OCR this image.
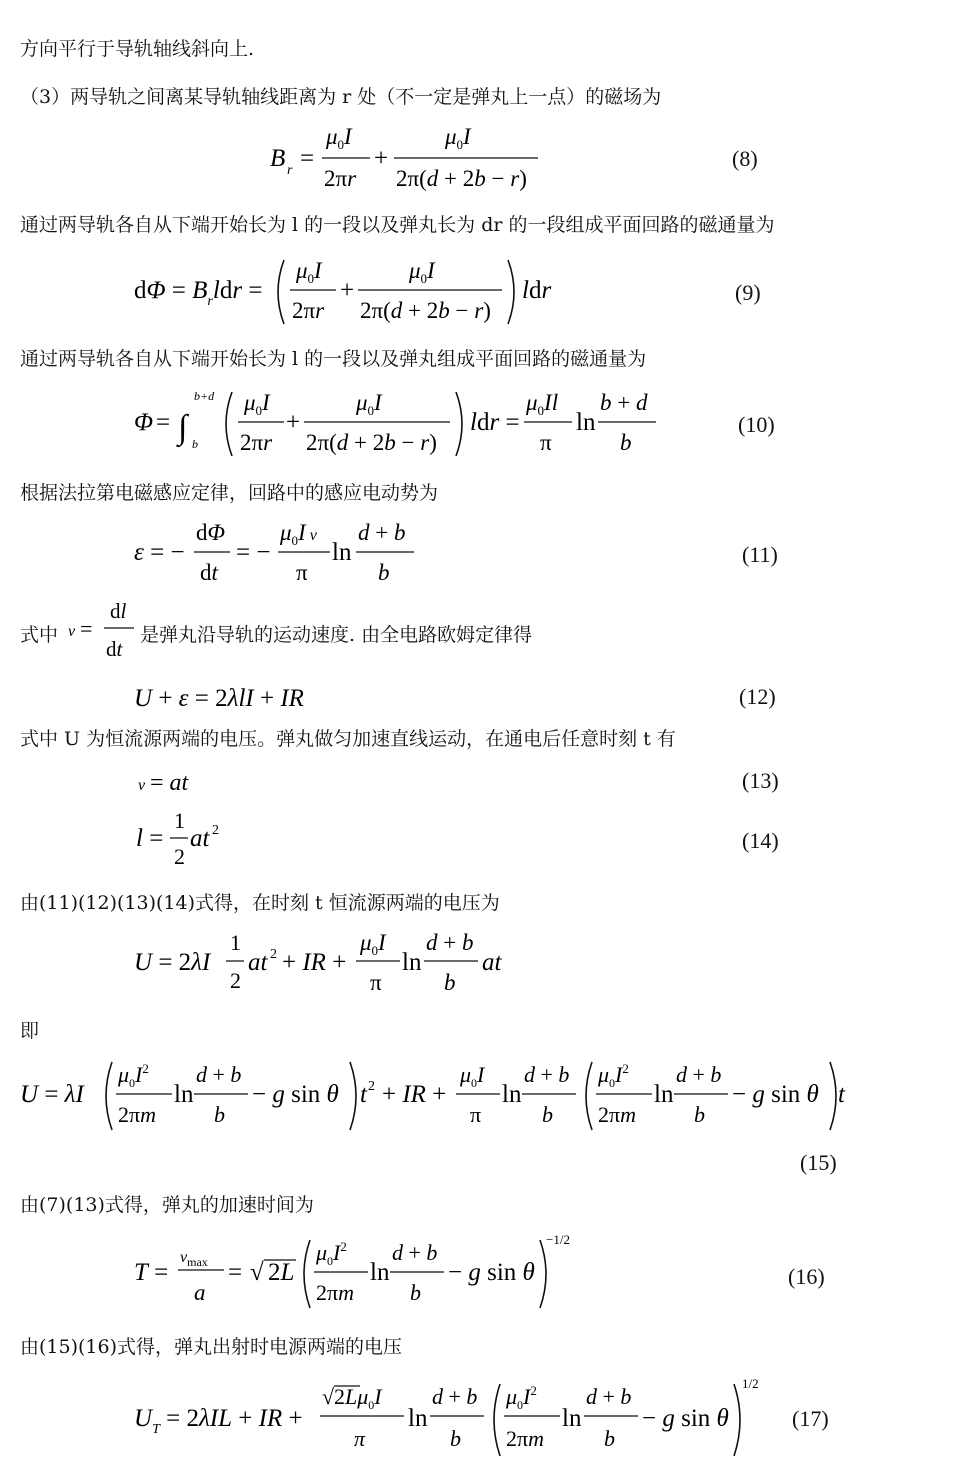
方向平行于导轨轴线斜向上.
（3）两导轨之间离某导轨轴线距离为 r 处（不一定是弹丸上一点）的磁场为
B r =
$\mu_0I$
2πr
+
$\mu_0I$
2π(d + 2b − r)
(8)
通过两导轨各自从下端开始长为 l 的一段以及弹丸长为 dr 的一段组成平面回路的磁通量为
$d\Phi = B_rldr$ =
$\mu_0I$
2πr
+
$\mu_0I$
2π(d + 2b − r)
ldr	(9)
通过两导轨各自从下端开始长为 l 的一段以及弹丸组成平面回路的磁通量为
Φ = ∫
b+d
b
$\mu_0I$
2πr
+
$\mu_0I$
2π(d + 2b − r)
ldr =
$\mu_0Il$
π
ln
b + d
b
(10)
根据法拉第电磁感应定律，回路中的感应电动势为
ε = −
dΦ
dt
= −
$\mu_0I$ v
π
ln
d + b
b
(11)
式中 v =
dl
dt
是弹丸沿导轨的运动速度. 由全电路欧姆定律得
U + ε = 2λlI + IR	(12)
式中 U 为恒流源两端的电压。弹丸做匀加速直线运动，在通电后任意时刻 t 有
v = at	(13)
l =
1
2
at 2	(14)
由(11)(12)(13)(14)式得，在时刻 t 恒流源两端的电压为
U = 2λI
1
2
at 2 + IR +
$\mu_0I$
π
ln
d + b
b
at
即
U = λI
$\mu_0I^2$
2πm
ln
d + b
b
− g sin θ t 2 + IR +
$\mu_0I$
π
ln
d + b
b
$\mu_0I^2$
2πm
ln
d + b
b
− g sin θ t
(15)
由(7)(13)式得，弹丸的加速时间为
T =
$v_{max}$
a
= √ 2L
$\mu_0I^2$
2πm
ln
d + b
b
− g sin θ
−1/2
(16)
由(15)(16)式得，弹丸出射时电源两端的电压
$U_T = 2\lambda IL$ + IR +
√ $2L\mu_0I$
π
ln
d + b
b
$\mu_0I^2$
2πm
ln
d + b
b
− g sin θ
1/2
(17)
